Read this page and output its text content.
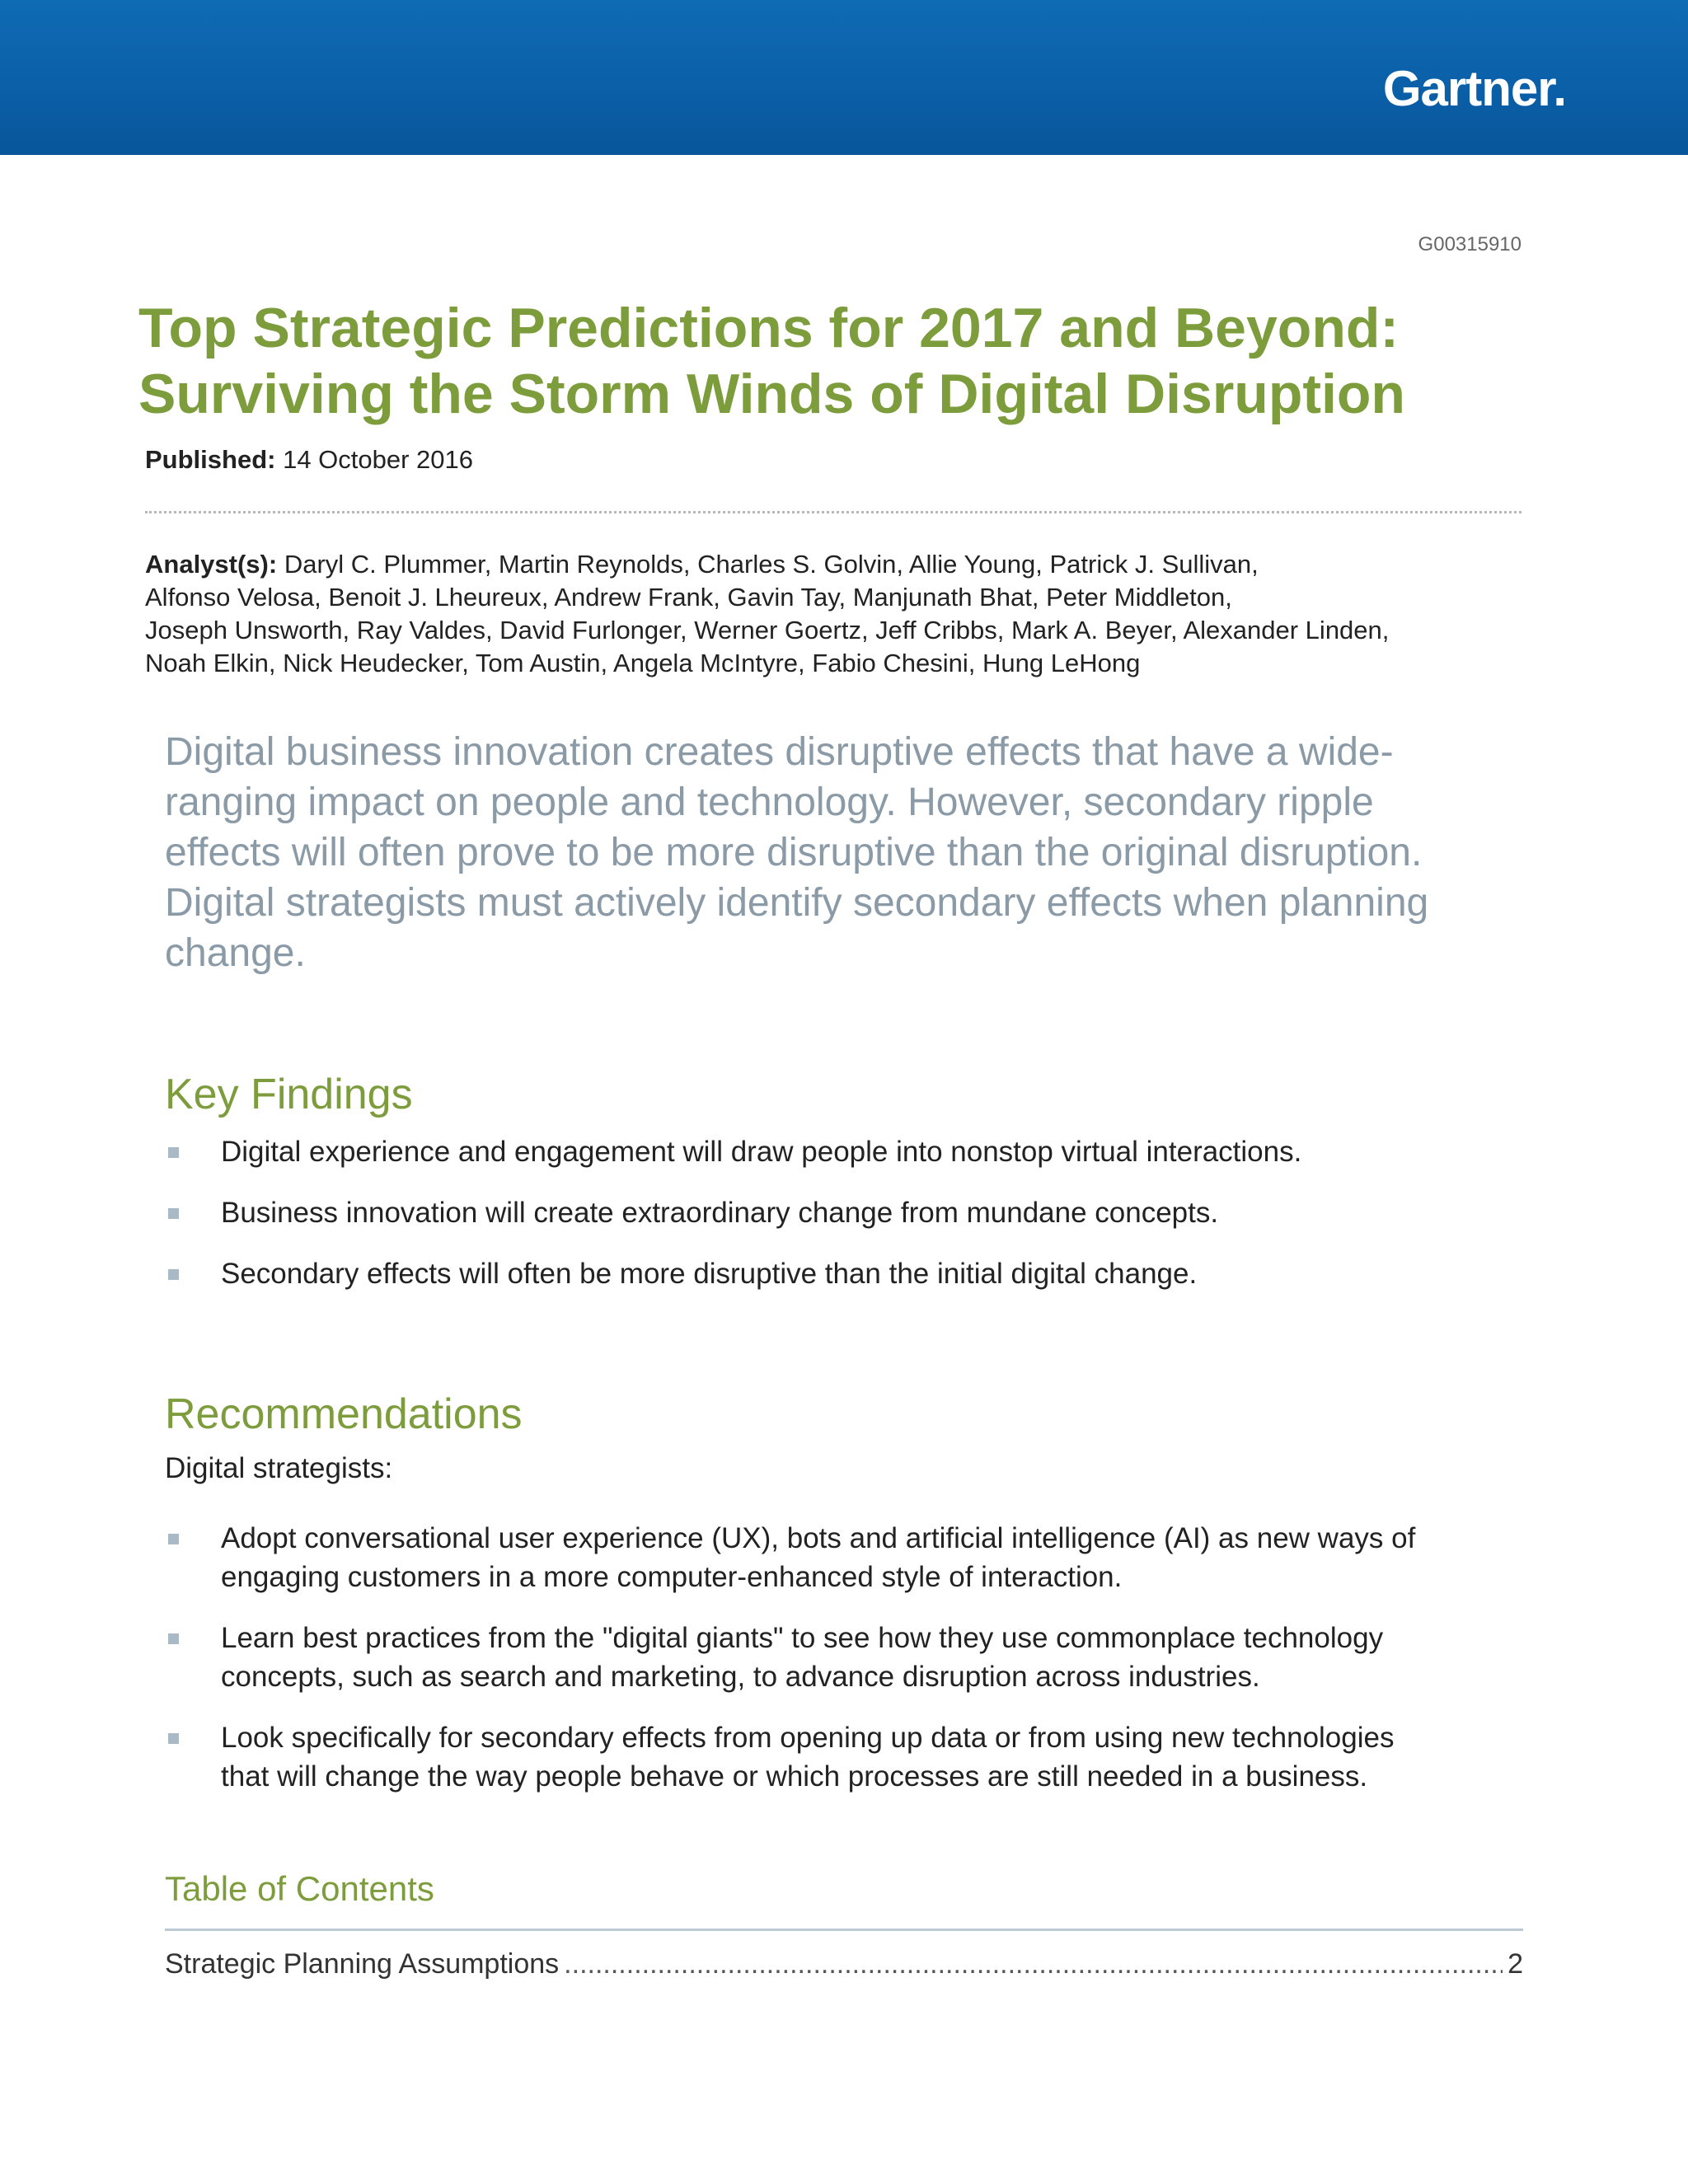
Gartner.
G00315910
Top Strategic Predictions for 2017 and Beyond:
Surviving the Storm Winds of Digital Disruption
Published: 14 October 2016
Analyst(s): Daryl C. Plummer, Martin Reynolds, Charles S. Golvin, Allie Young, Patrick J. Sullivan,
Alfonso Velosa, Benoit J. Lheureux, Andrew Frank, Gavin Tay, Manjunath Bhat, Peter Middleton,
Joseph Unsworth, Ray Valdes, David Furlonger, Werner Goertz, Jeff Cribbs, Mark A. Beyer, Alexander Linden,
Noah Elkin, Nick Heudecker, Tom Austin, Angela McIntyre, Fabio Chesini, Hung LeHong
Digital business innovation creates disruptive effects that have a wide-
ranging impact on people and technology. However, secondary ripple
effects will often prove to be more disruptive than the original disruption.
Digital strategists must actively identify secondary effects when planning
change.
Key Findings
Digital experience and engagement will draw people into nonstop virtual interactions.
Business innovation will create extraordinary change from mundane concepts.
Secondary effects will often be more disruptive than the initial digital change.
Recommendations
Digital strategists:
Adopt conversational user experience (UX), bots and artificial intelligence (AI) as new ways of
engaging customers in a more computer-enhanced style of interaction.
Learn best practices from the "digital giants" to see how they use commonplace technology
concepts, such as search and marketing, to advance disruption across industries.
Look specifically for secondary effects from opening up data or from using new technologies
that will change the way people behave or which processes are still needed in a business.
Table of Contents
Strategic Planning Assumptions
.....	2
